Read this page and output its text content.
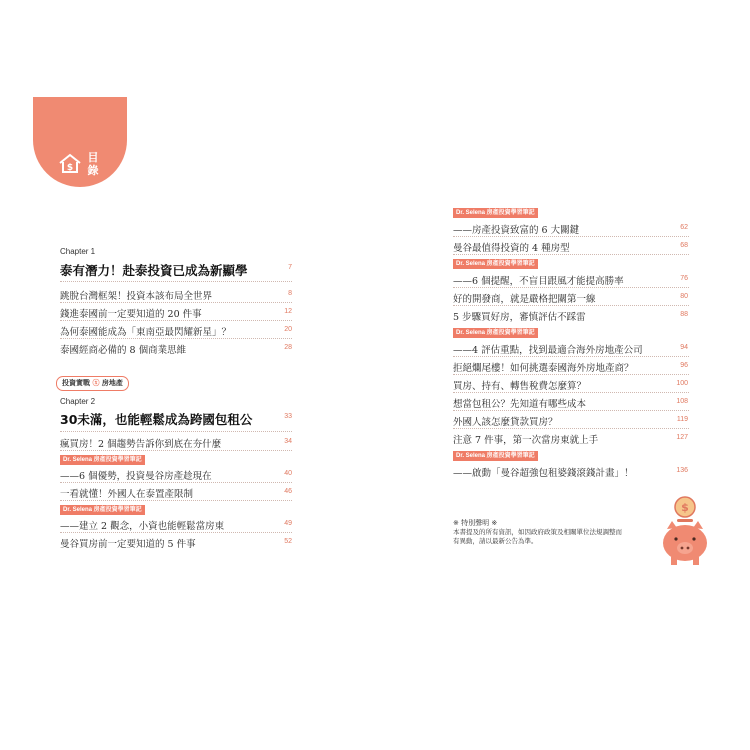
$
目錄
Chapter 1
泰有潛力！赴泰投資已成為新顯學	7
跳脫台灣框架！投資本該布局全世界	8
錢進泰國前一定要知道的 20 件事	12
為何泰國能成為「東南亞最閃耀新星」？	20
泰國經商必備的 8 個商業思維	28
投資實戰 ⓧ 房地產
Chapter 2
30未滿，也能輕鬆成為跨國包租公	33
瘋買房！2 個趨勢告訴你到底在夯什麼	34
Dr. Selena 房產投資學習筆記
——6 個優勢，投資曼谷房產趁現在	40
一看就懂！外國人在泰置產限制	46
Dr. Selena 房產投資學習筆記
——建立 2 觀念，小資也能輕鬆當房東	49
曼谷買房前一定要知道的 5 件事	52
Dr. Selena 房產投資學習筆記
——房產投資致富的 6 大關鍵	62
曼谷最值得投資的 4 種房型	68
Dr. Selena 房產投資學習筆記
——6 個提醒，不盲目跟風才能提高勝率	76
好的開發商，就是嚴格把關第一線	80
5 步驟買好房，審慎評估不踩雷	88
Dr. Selena 房產投資學習筆記
——4 評估重點，找到最適合海外房地產公司	94
拒絕爛尾樓！如何挑選泰國海外房地產商？	96
買房、持有、轉售稅費怎麼算？	100
想當包租公？先知道有哪些成本	108
外國人該怎麼貸款買房？	119
注意 7 件事，第一次當房東就上手	127
Dr. Selena 房產投資學習筆記
——啟動「曼谷超強包租婆錢滾錢計畫」！	136
※ 特別聲明 ※
本書提及的所有資訊，如因政府政策及相關單位法規調整而有異動，請以最新公告為準。
$
